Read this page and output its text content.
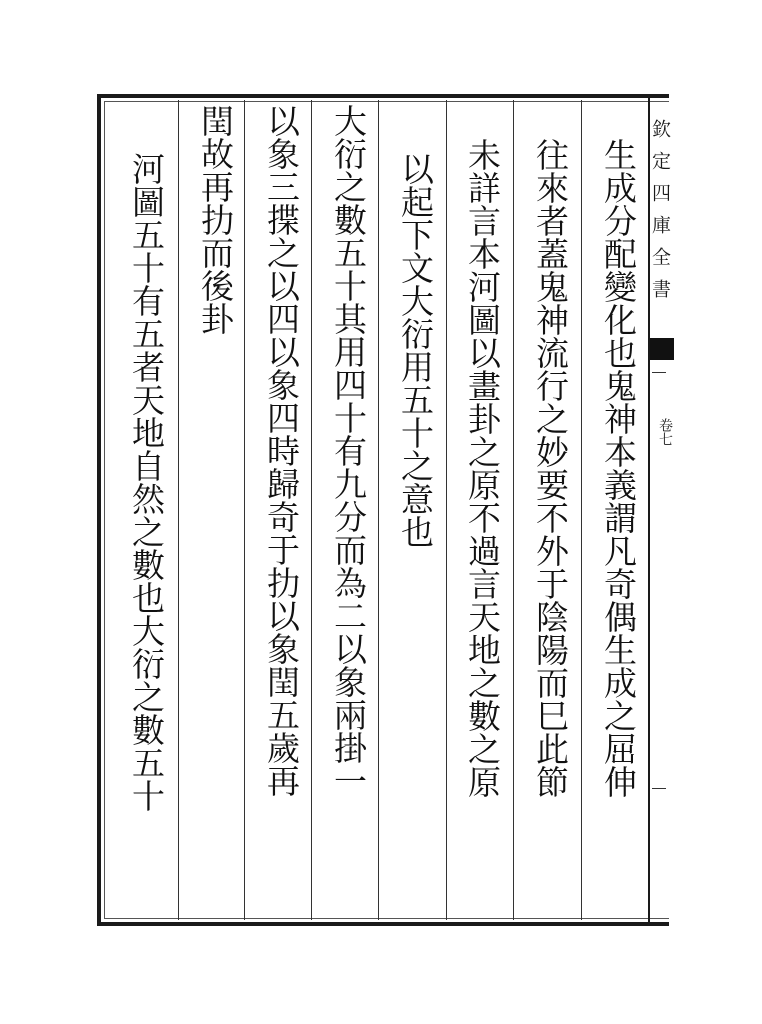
欽定四庫全書
卷七
生成分配變化也鬼神本義謂凡奇偶生成之屈伸
往來者蓋鬼神流行之妙要不外于陰陽而巳此節
未詳言本河圖以畫卦之原不過言天地之數之原
以起下文大衍用五十之意也
大衍之數五十其用四十有九分而為二以象兩掛一
以象三揲之以四以象四時歸奇于扐以象閏五歲再
閏故再扐而後卦
河圖五十有五者天地自然之數也大衍之數五十
